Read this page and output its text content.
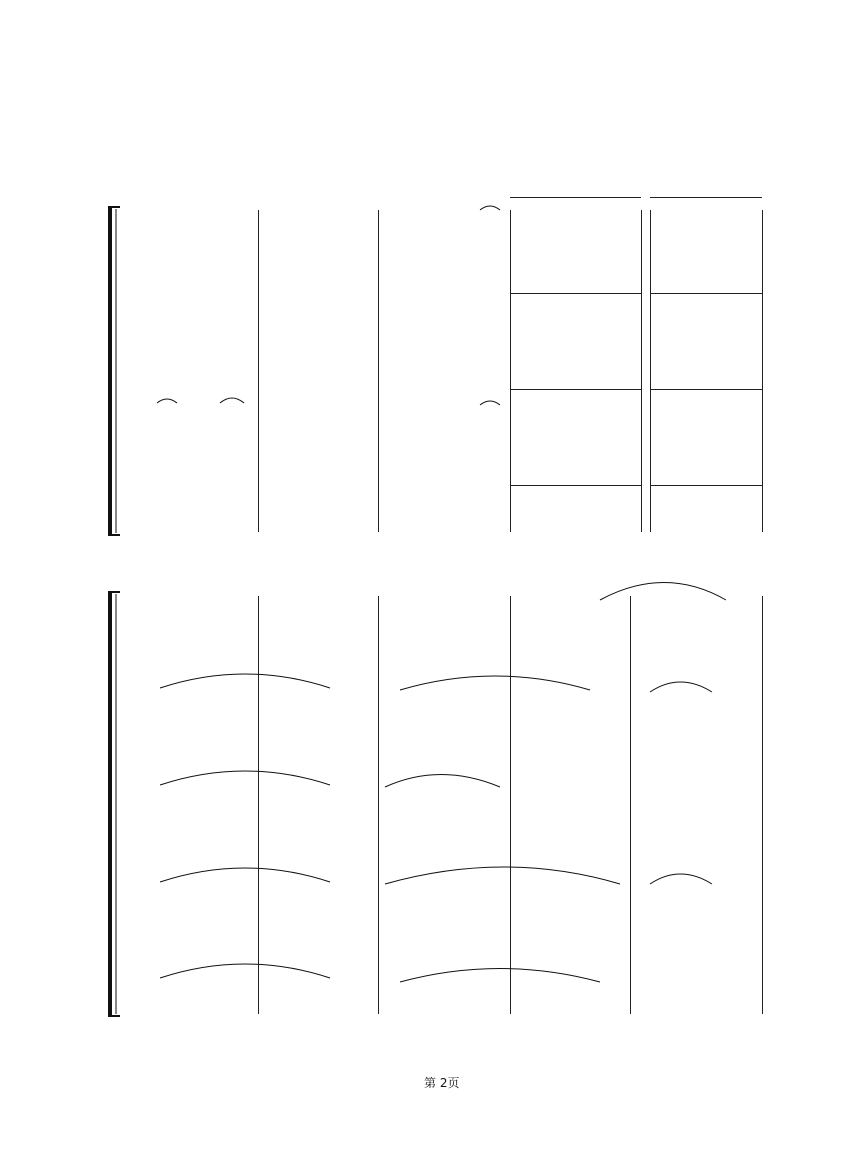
第 2页
